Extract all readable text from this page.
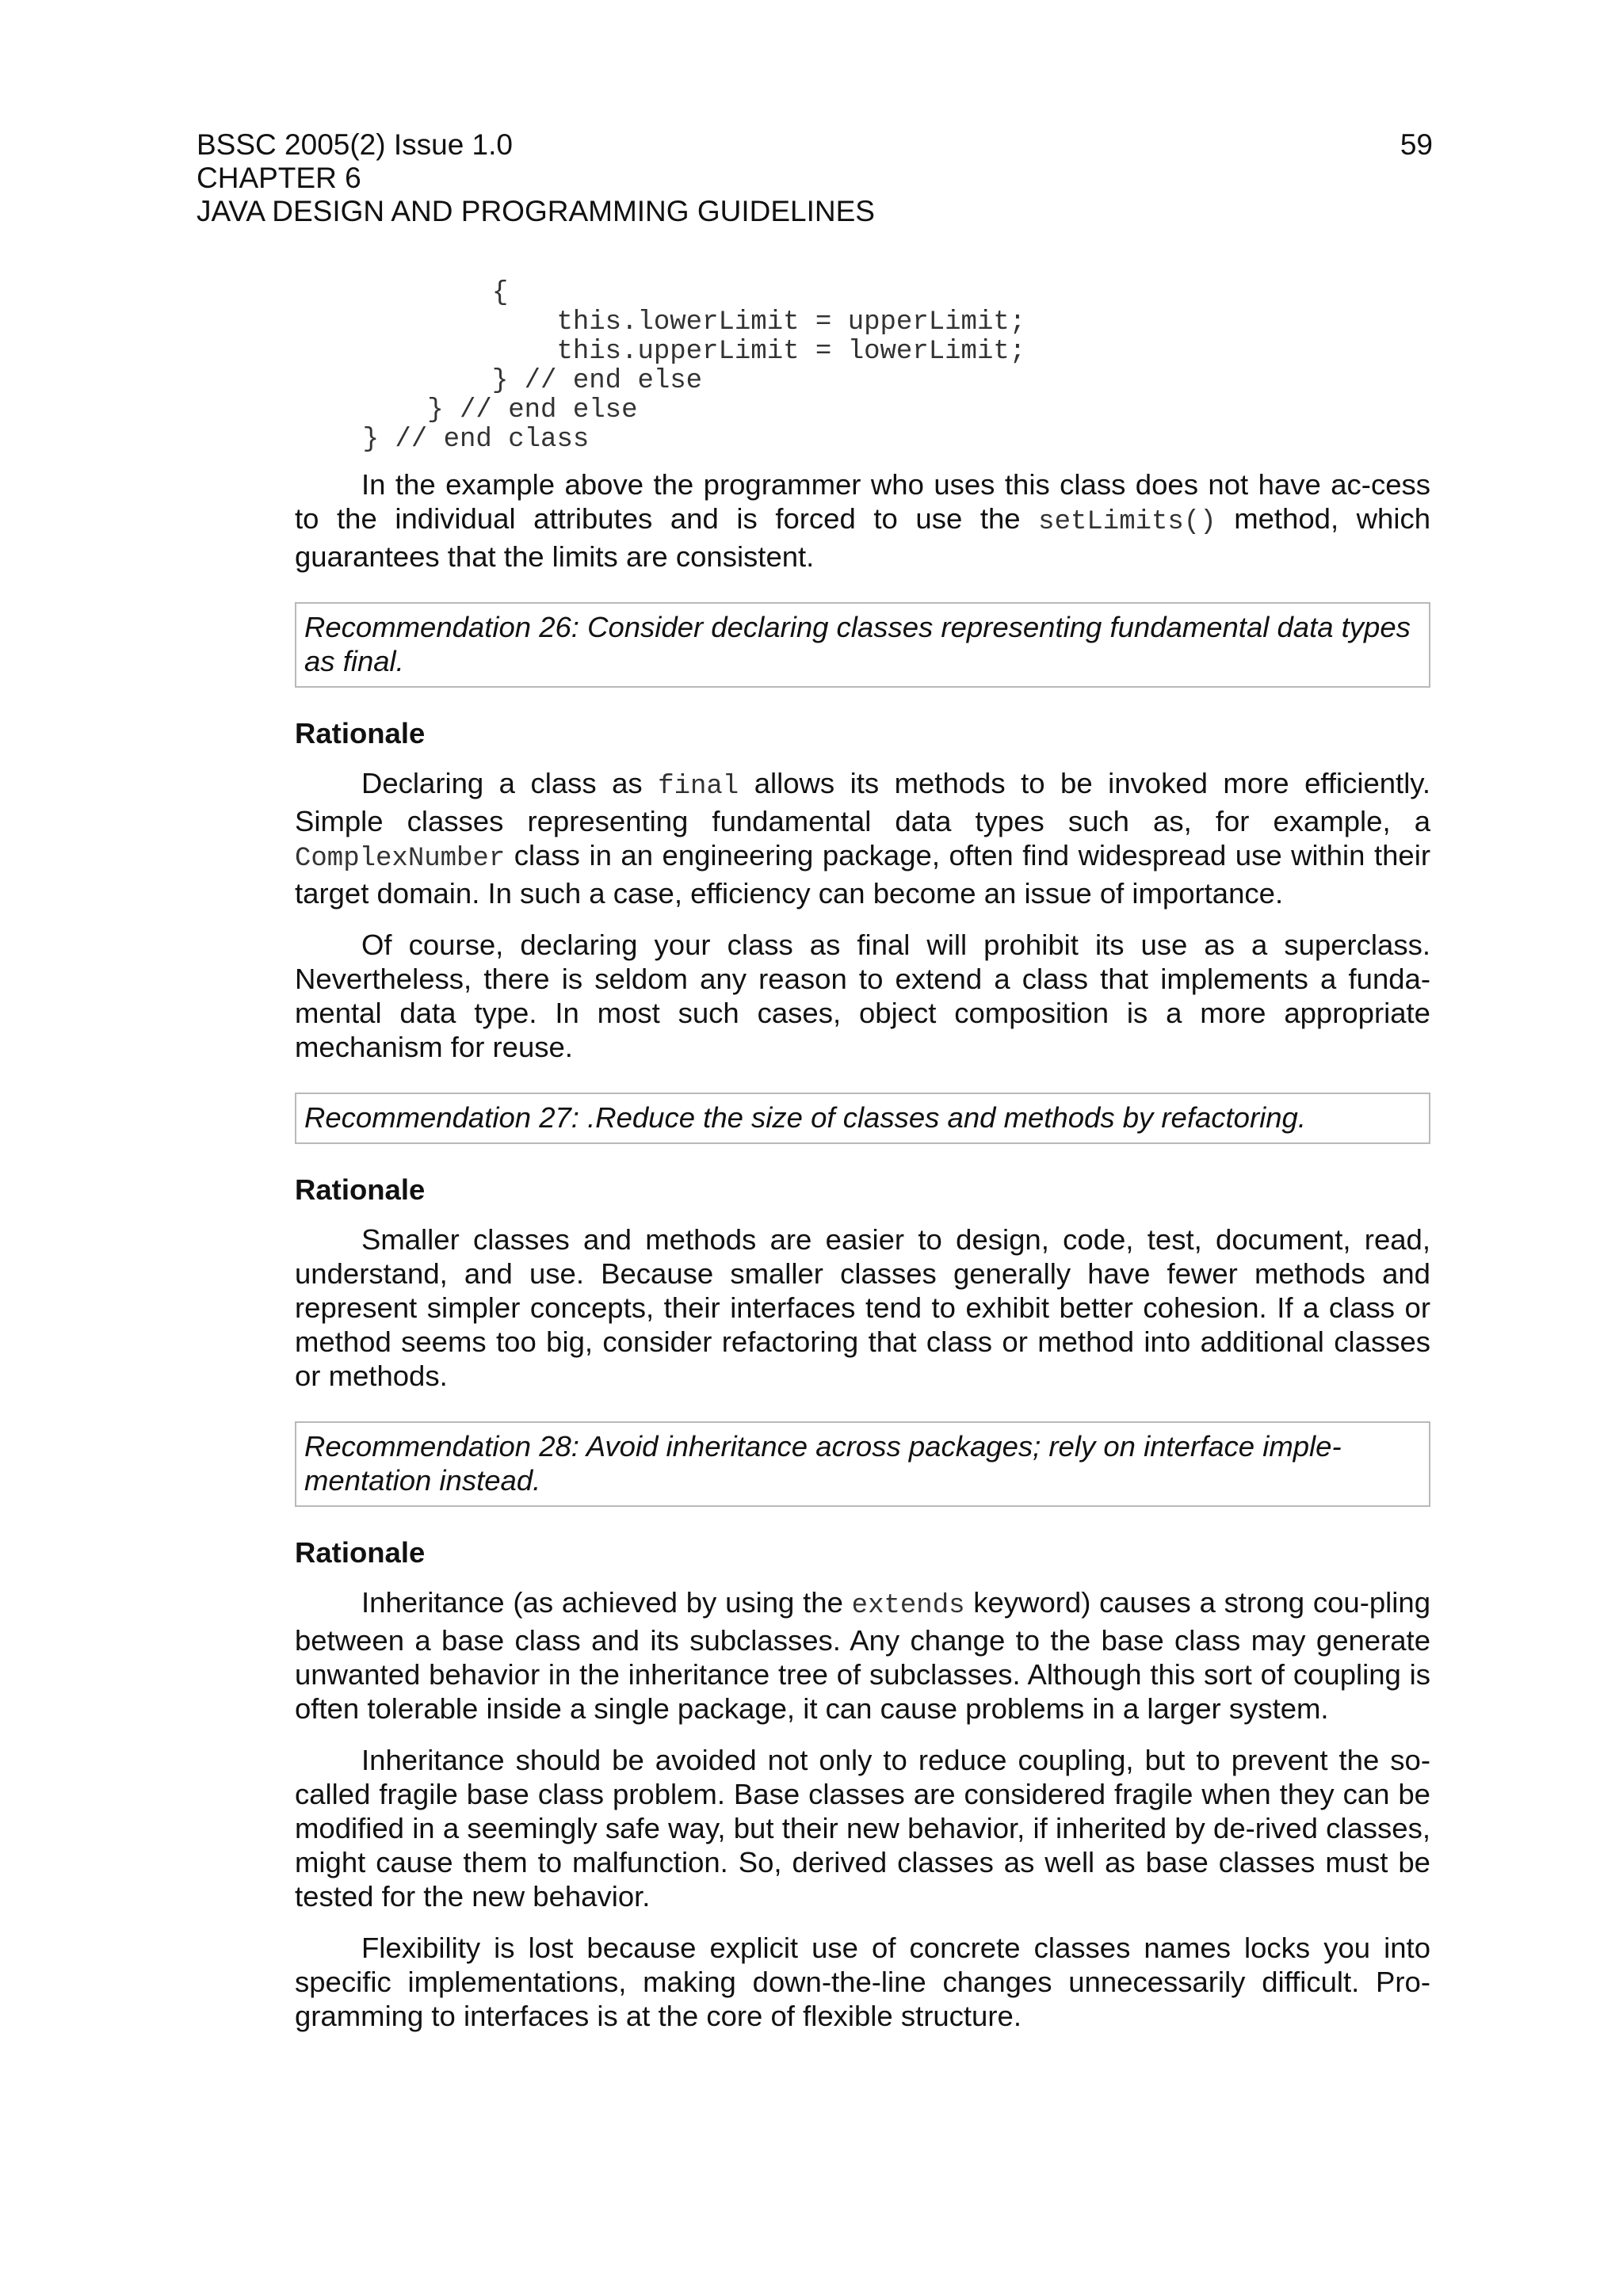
BSSC 2005(2) Issue 1.0
CHAPTER 6
JAVA DESIGN AND PROGRAMMING GUIDELINES
59
{
this.lowerLimit = upperLimit;
this.upperLimit = lowerLimit;
} // end else
} // end else
} // end class

In the example above the programmer who uses this class does not have ac-cess to the individual attributes and is forced to use the setLimits() method, which guarantees that the limits are consistent.

Recommendation 26: Consider declaring classes representing fundamental data types as final.
Rationale

Declaring a class as final allows its methods to be invoked more efficiently. Simple classes representing fundamental data types such as, for example, a ComplexNumber class in an engineering package, often find widespread use within their target domain. In such a case, efficiency can become an issue of importance.

Of course, declaring your class as final will prohibit its use as a superclass. Nevertheless, there is seldom any reason to extend a class that implements a funda-mental data type. In most such cases, object composition is a more appropriate mechanism for reuse.

Recommendation 27: .Reduce the size of classes and methods by refactoring.
Rationale

Smaller classes and methods are easier to design, code, test, document, read, understand, and use. Because smaller classes generally have fewer methods and represent simpler concepts, their interfaces tend to exhibit better cohesion. If a class or method seems too big, consider refactoring that class or method into additional classes or methods.

Recommendation 28: Avoid inheritance across packages; rely on interface imple-mentation instead.
Rationale

Inheritance (as achieved by using the extends keyword) causes a strong cou-pling between a base class and its subclasses. Any change to the base class may generate unwanted behavior in the inheritance tree of subclasses. Although this sort of coupling is often tolerable inside a single package, it can cause problems in a larger system.

Inheritance should be avoided not only to reduce coupling, but to prevent the so-called fragile base class problem. Base classes are considered fragile when they can be modified in a seemingly safe way, but their new behavior, if inherited by de-rived classes, might cause them to malfunction. So, derived classes as well as base classes must be tested for the new behavior.

Flexibility is lost because explicit use of concrete classes names locks you into specific implementations, making down-the-line changes unnecessarily difficult. Pro-gramming to interfaces is at the core of flexible structure.
